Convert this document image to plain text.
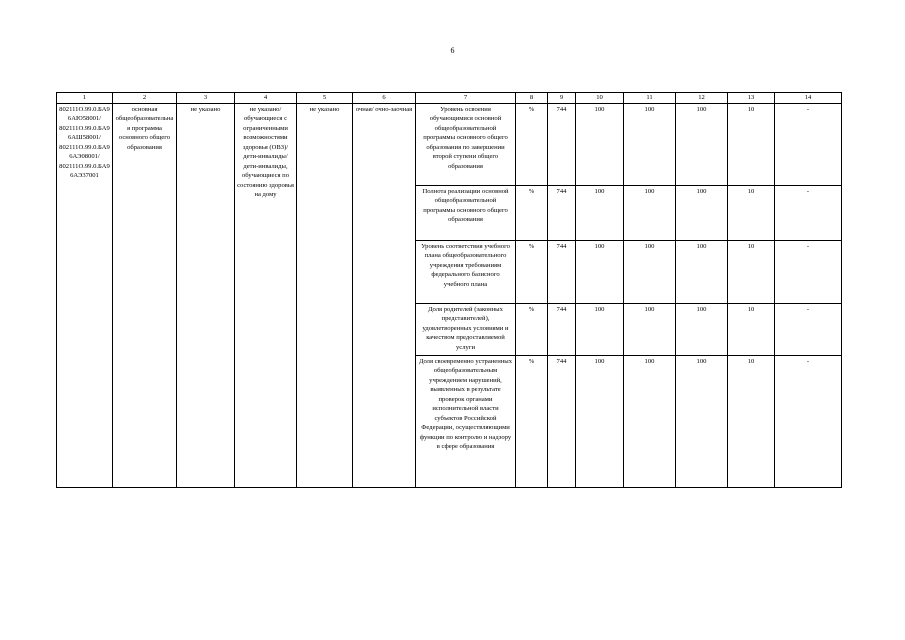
6
1	2	3	4	5	6	7	8	9	10	11	12	13	14
802111О.99.0.БА96АЮ58001/ 802111О.99.0.БА96АШ58001/ 802111О.99.0.БА96АЭ08001/ 802111О.99.0.БА96АЭ37001	основная общеобразовательная программа основного общего образования	не указано	не указано/ обучающиеся с ограниченными возможностями здоровья (ОВЗ)/ дети-инвалиды/ дети-инвалиды, обучающиеся по состоянию здоровья на дому	не указано	очная/ очно-заочная	Уровень освоения обучающимися основной общеобразовательной программы основного общего образования по завершении второй ступени общего образования	%	744	100	100	100	10	-
						Полнота реализации основной общеобразовательной программы основного общего образования	%	744	100	100	100	10	-
						Уровень соответствия учебного плана общеобразовательного учреждения требованиям федерального базисного учебного плана	%	744	100	100	100	10	-
						Доля родителей (законных представителей), удовлетворенных условиями и качеством предоставляемой услуги	%	744	100	100	100	10	-
						Доля своевременно устраненных общеобразовательным учреждением нарушений, выявленных в результате проверок органами исполнительной власти субъектов Российской Федерации, осуществляющими функции по контролю и надзору в сфере образования	%	744	100	100	100	10	-
